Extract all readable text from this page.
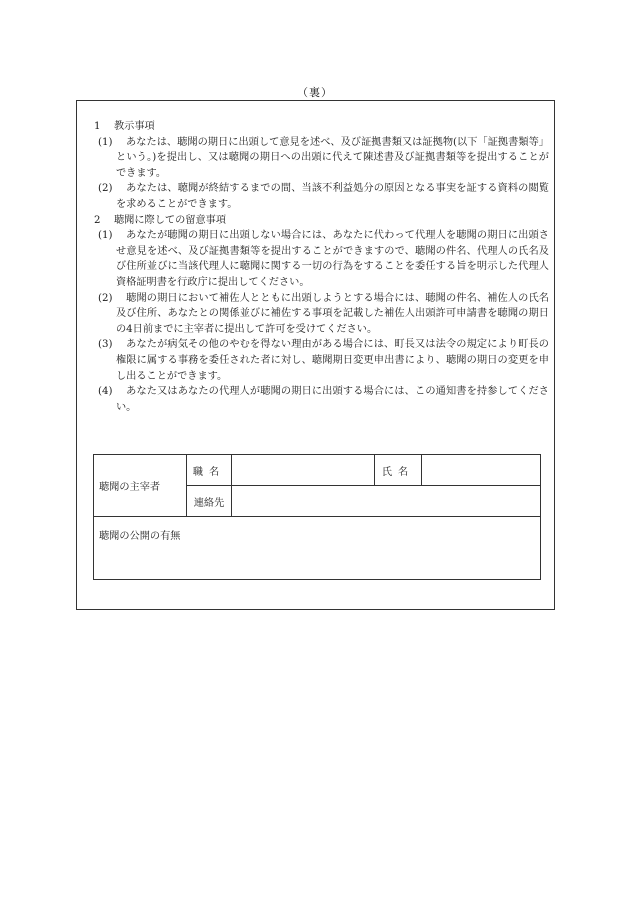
（裏）

1 教示事項

(1)	あなたは、聴聞の期日に出頭して意見を述べ、及び証拠書類又は証拠物(以下「証拠書類等」という。)を提出し、又は聴聞の期日への出頭に代えて陳述書及び証拠書類等を提出することができます。

(2)	あなたは、聴聞が終結するまでの間、当該不利益処分の原因となる事実を証する資料の閲覧を求めることができます。

2 聴聞に際しての留意事項

(1)	あなたが聴聞の期日に出頭しない場合には、あなたに代わって代理人を聴聞の期日に出頭させ意見を述べ、及び証拠書類等を提出することができますので、聴聞の件名、代理人の氏名及び住所並びに当該代理人に聴聞に関する一切の行為をすることを委任する旨を明示した代理人資格証明書を行政庁に提出してください。

(2)	聴聞の期日において補佐人とともに出頭しようとする場合には、聴聞の件名、補佐人の氏名及び住所、あなたとの関係並びに補佐する事項を記載した補佐人出頭許可申請書を聴聞の期日の4日前までに主宰者に提出して許可を受けてください。

(3)	あなたが病気その他のやむを得ない理由がある場合には、町長又は法令の規定により町長の権限に属する事務を委任された者に対し、聴聞期日変更申出書により、聴聞の期日の変更を申し出ることができます。

(4)	あなた又はあなたの代理人が聴聞の期日に出頭する場合には、この通知書を持参してください。

聴聞の主宰者	職名		氏名	
	連絡先			
聴聞の公開の有無				
